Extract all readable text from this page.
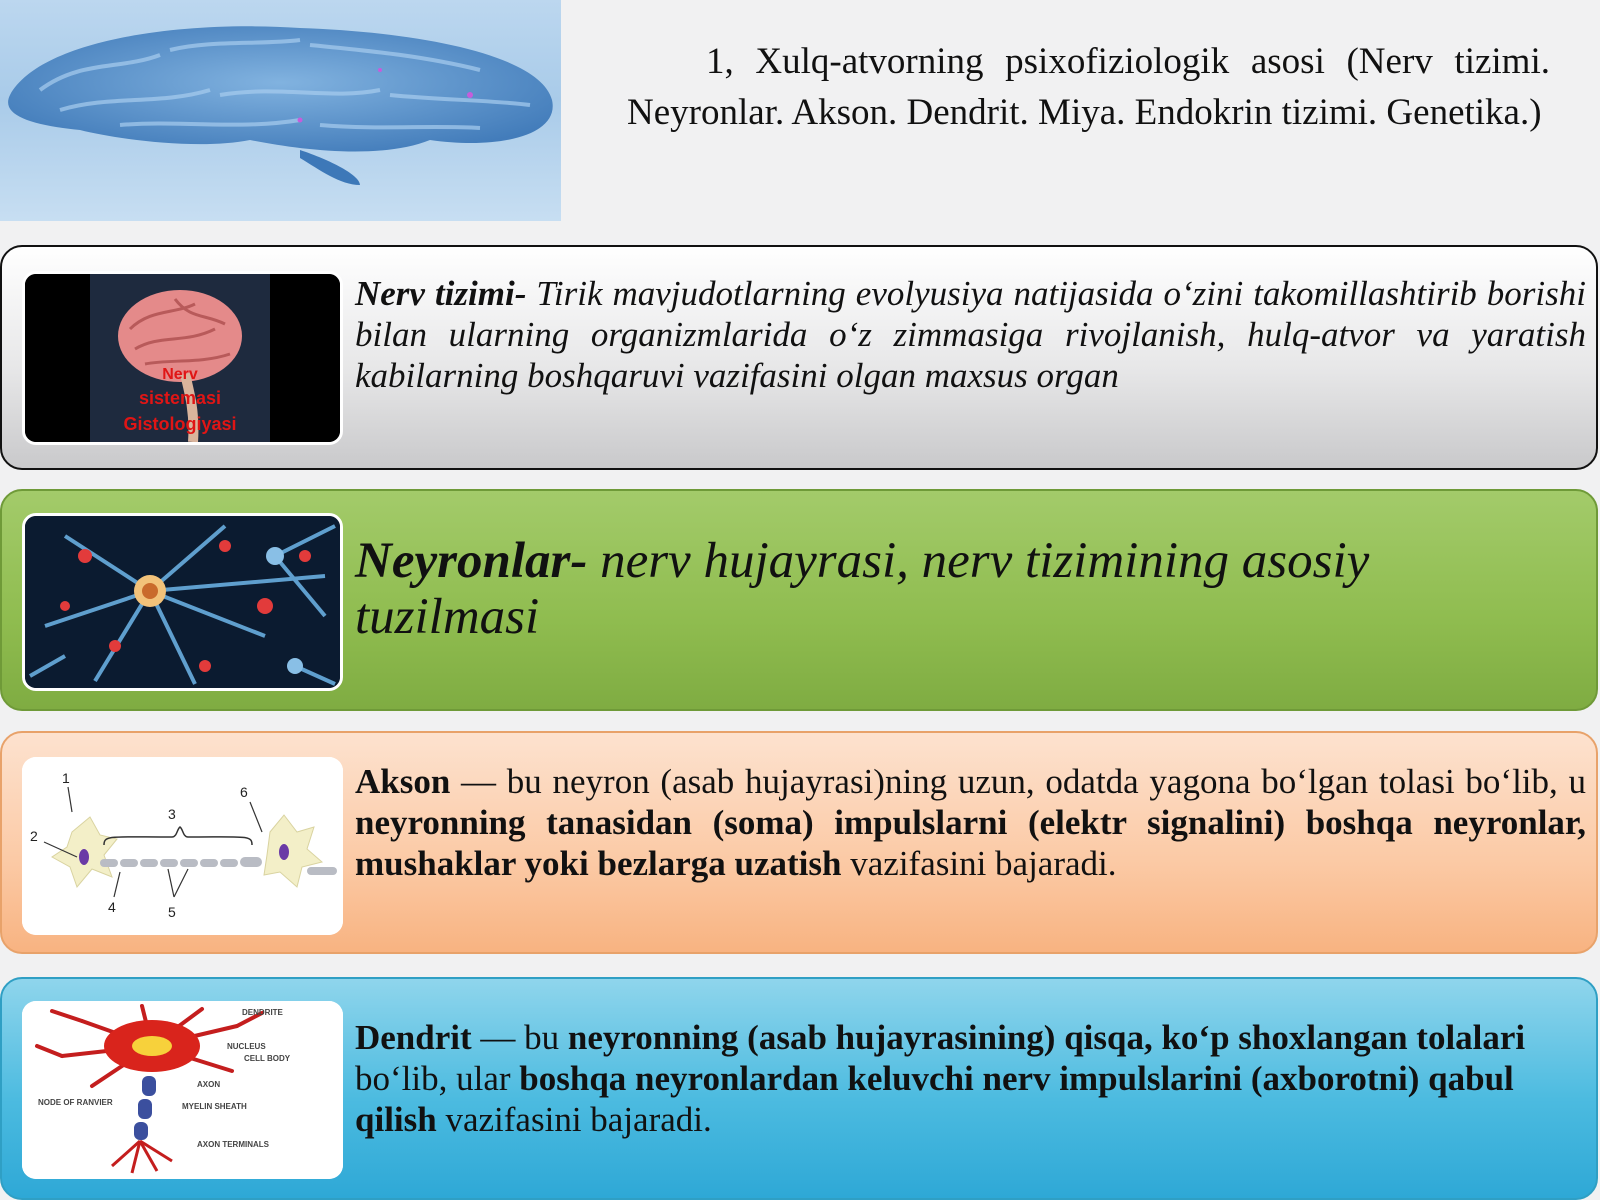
1, Xulq-atvorning psixofiziologik asosi (Nerv tizimi. Neyronlar. Akson. Dendrit. Miya. Endokrin tizimi. Genetika.)

Nerv
sistemasi
Gistologiyasi

Nerv tizimi- Tirik mavjudotlarning evolyusiya natijasida o‘zini takomillashtirib borishi bilan ularning organizmlarida o‘z zimmasiga rivojlanish, hulq-atvor va yaratish kabilarning boshqaruvi vazifasini olgan maxsus organ

Neyronlar- nerv hujayrasi, nerv tizimining asosiy tuzilmasi

1
2
3
4	5
6	Akson — bu neyron (asab hujayrasi)ning uzun, odatda yagona bo‘lgan tolasi bo‘lib, u neyronning tanasidan (soma) impulslarni (elektr signalini) boshqa neyronlar, mushaklar yoki bezlarga uzatish vazifasini bajaradi.

DENDRITE
NUCLEUS
CELL BODY
AXON
NODE OF RANVIER	MYELIN SHEATH
AXON TERMINALS

Dendrit — bu neyronning (asab hujayrasining) qisqa, ko‘p shoxlangan tolalari bo‘lib, ular boshqa neyronlardan keluvchi nerv impulslarini (axborotni) qabul qilish vazifasini bajaradi.
